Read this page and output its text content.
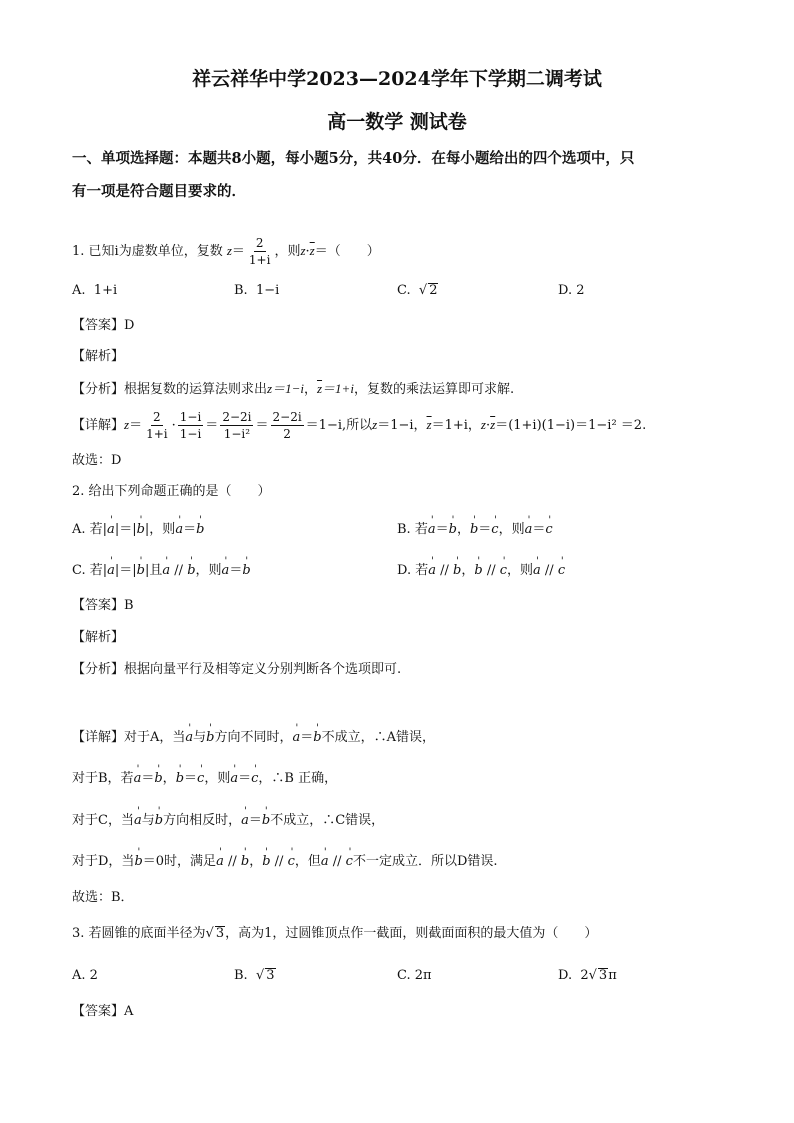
祥云祥华中学2023—2024学年下学期二调考试
高一数学 测试卷
一、单项选择题：本题共8小题，每小题5分，共40分．在每小题给出的四个选项中，只
有一项是符合题目要求的．
1. 已知i为虚数单位，复数 $z= \frac{2}{1+i}$ ，则$z\cdot\overline{z}=$（　　）
A. 1+i	B. 1−i	C.  √ 2	D. 2
【答案】D
【解析】
【分析】根据复数的运算法则求出z＝1−i，$\overline{z}=1+i$，复数的乘法运算即可求解.
【详解】$z= \frac{2}{1+i} \cdot \frac{1-i}{1-i} = \frac{2-2i}{\text{1−i²}} = \frac{2-2i}{2} =1-i$,所以z＝1−i，$\overline{z}=1+i$，$z\cdot\overline{z}=(1+i)(1-i)=1-i^2 =2$.
故选：D
2. 给出下列命题正确的是（　　）
A. 若|' a|＝|' b|，则' a＝' b	B. 若' a＝' b，' b＝' c，则' a＝' c
C. 若|' a|＝|' b|且' a // ' b，则' a＝' b	D. 若' a // ' b，' b // ' c，则' a // ' c
【答案】B
【解析】
【分析】根据向量平行及相等定义分别判断各个选项即可.
【详解】对于A，当' a与' b方向不同时，' a＝' b不成立，∴A错误，
对于B，若' a＝' b，' b＝' c，则' a＝' c，∴B 正确，
对于C，当' a与' b方向相反时，' a＝' b不成立，∴C错误，
对于D，当' b＝0时，满足' a // ' b，' b // ' c，但' a // ' c不一定成立．所以D错误.
故选：B．
3. 若圆锥的底面半径为√ 3，高为1，过圆锥顶点作一截面，则截面面积的最大值为（　　）
A. 2	B.  √ 3	C. 2π	D.  2√ 3π
【答案】A
